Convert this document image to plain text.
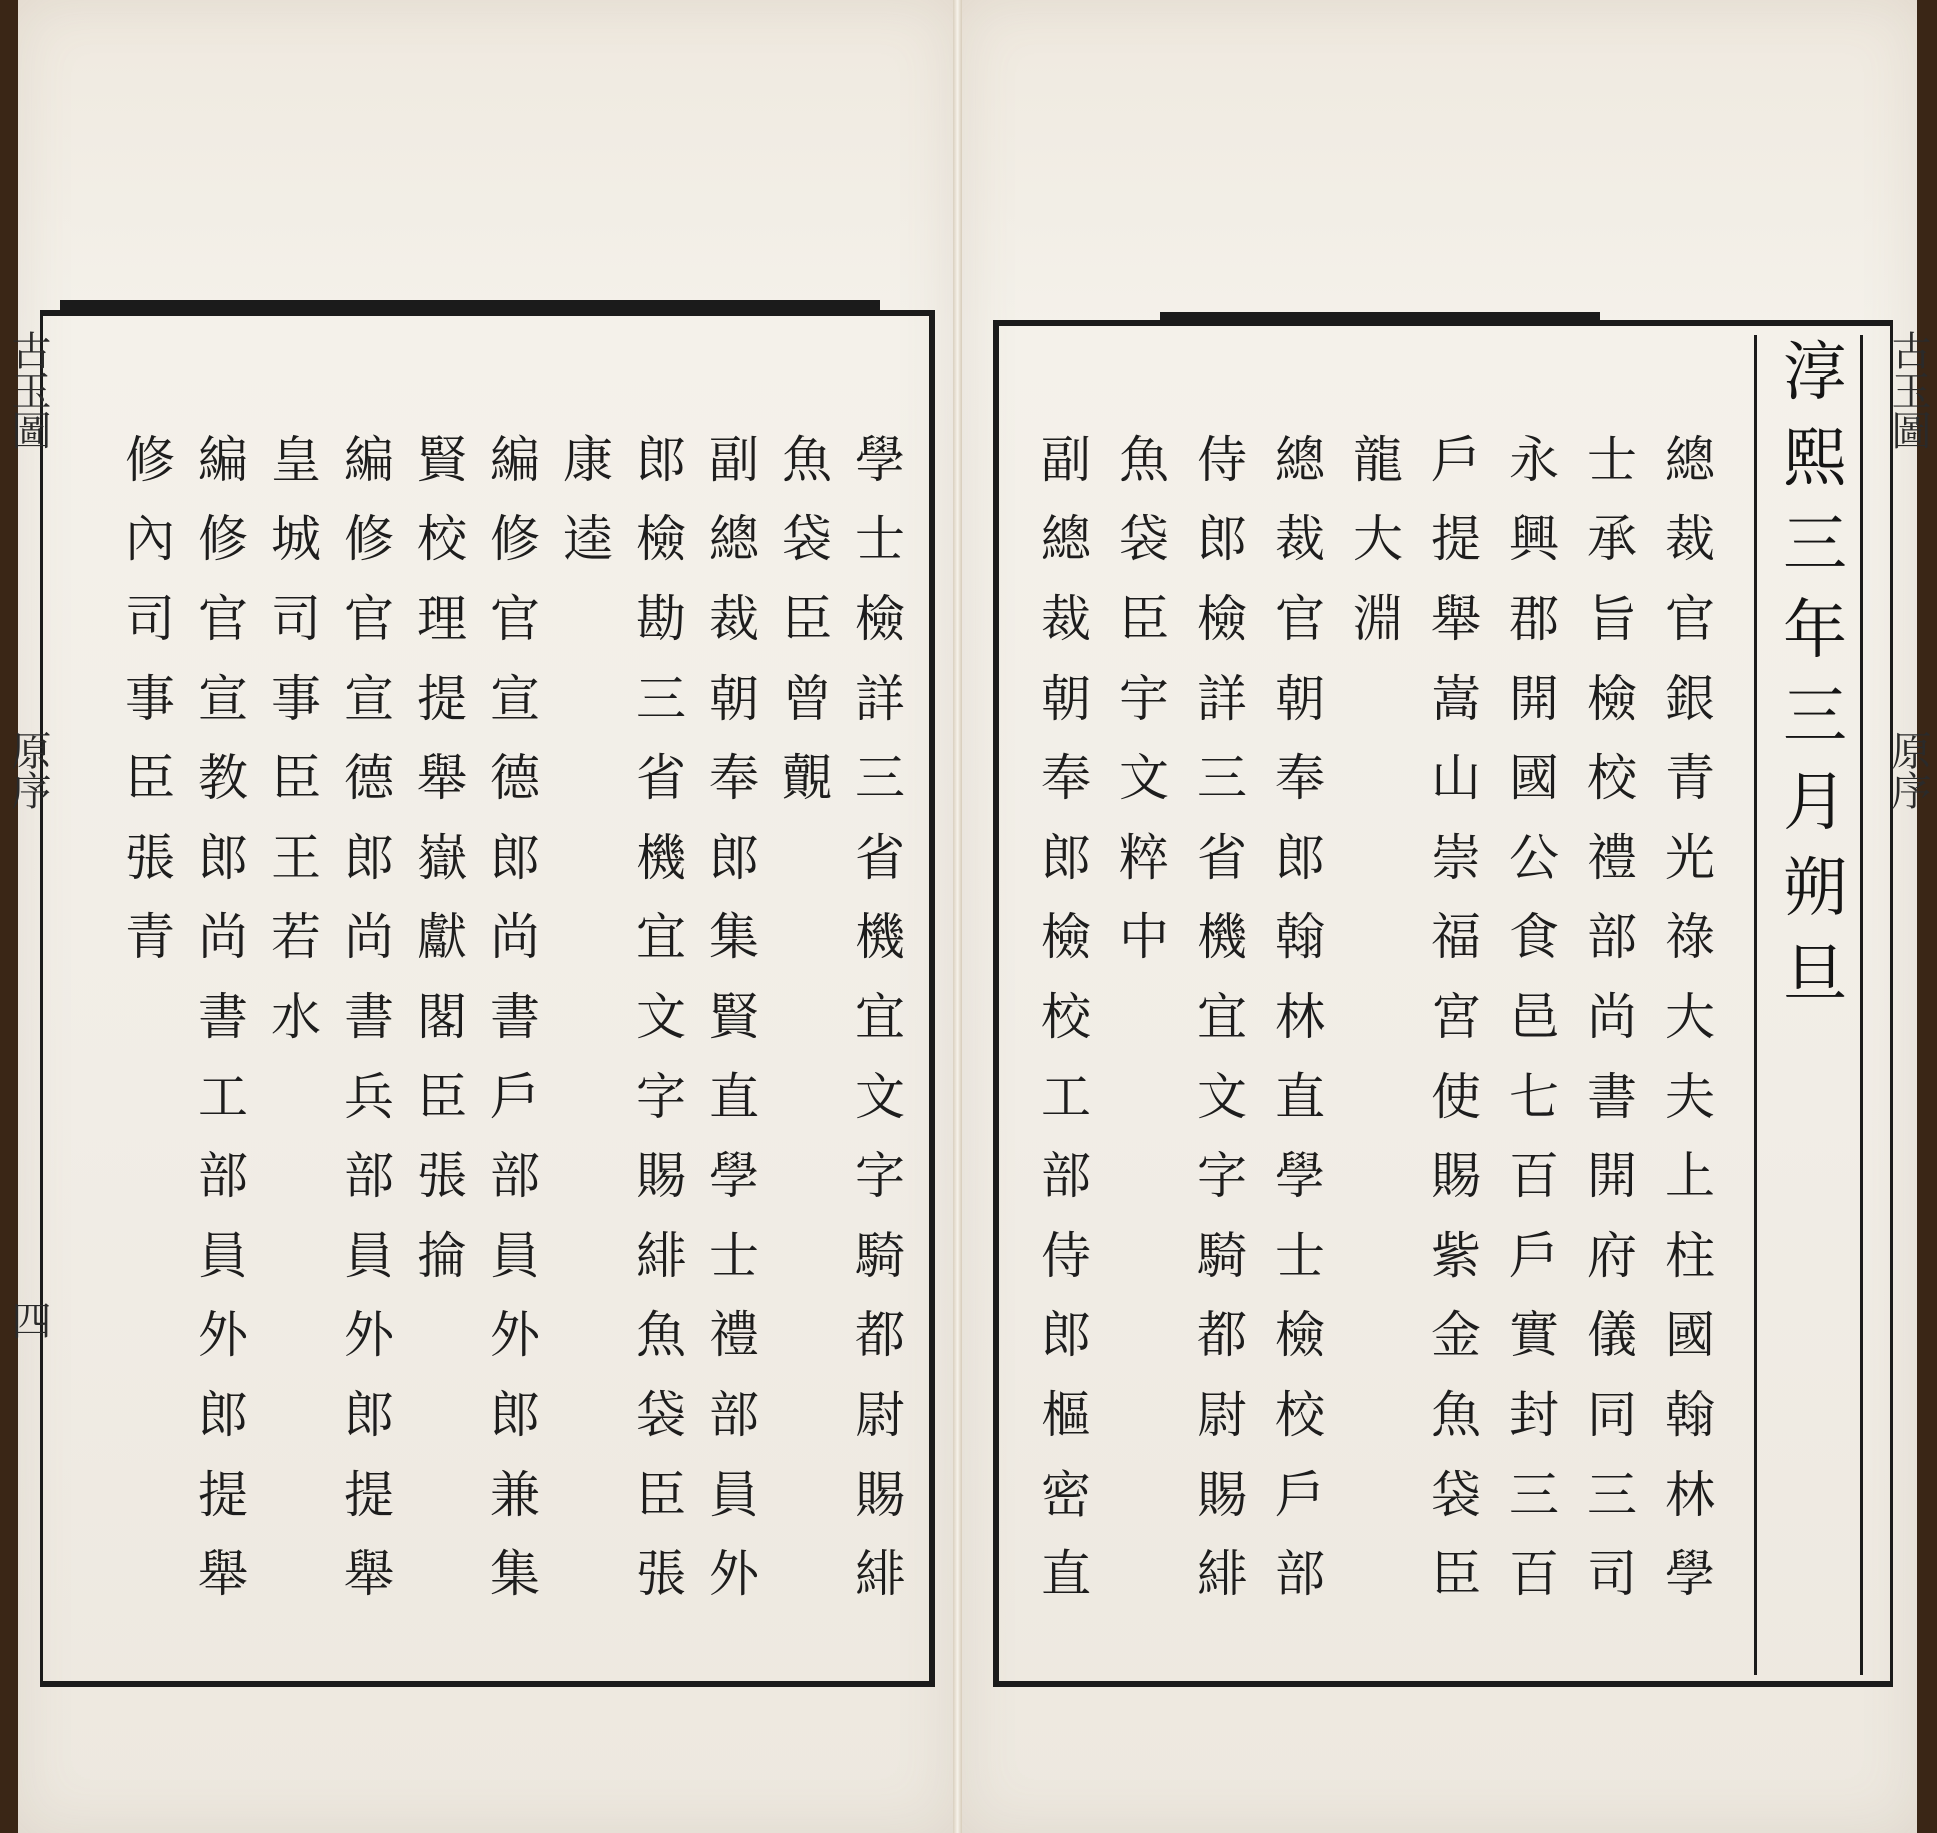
古玉圖
原序
四
古玉圖
原序
淳
熙
三
年
三
月
朔
旦
學
士
檢
詳
三
省
機
宜
文
字
騎
都
尉
賜
緋
魚
袋
臣
曾
覿
副
總
裁
朝
奉
郎
集
賢
直
學
士
禮
部
員
外
郎
檢
勘
三
省
機
宜
文
字
賜
緋
魚
袋
臣
張
康
逵
編
修
官
宣
德
郎
尚
書
戶
部
員
外
郎
兼
集
賢
校
理
提
舉
嶽
獻
閣
臣
張
掄
編
修
官
宣
德
郎
尚
書
兵
部
員
外
郎
提
舉
皇
城
司
事
臣
王
若
水
編
修
官
宣
教
郎
尚
書
工
部
員
外
郎
提
舉
修
內
司
事
臣
張
青
總
裁
官
銀
青
光
祿
大
夫
上
柱
國
翰
林
學
士
承
旨
檢
校
禮
部
尚
書
開
府
儀
同
三
司
永
興
郡
開
國
公
食
邑
七
百
戶
實
封
三
百
戶
提
舉
嵩
山
崇
福
宮
使
賜
紫
金
魚
袋
臣
龍
大
淵
總
裁
官
朝
奉
郎
翰
林
直
學
士
檢
校
戶
部
侍
郎
檢
詳
三
省
機
宜
文
字
騎
都
尉
賜
緋
魚
袋
臣
宇
文
粹
中
副
總
裁
朝
奉
郎
檢
校
工
部
侍
郎
樞
密
直
